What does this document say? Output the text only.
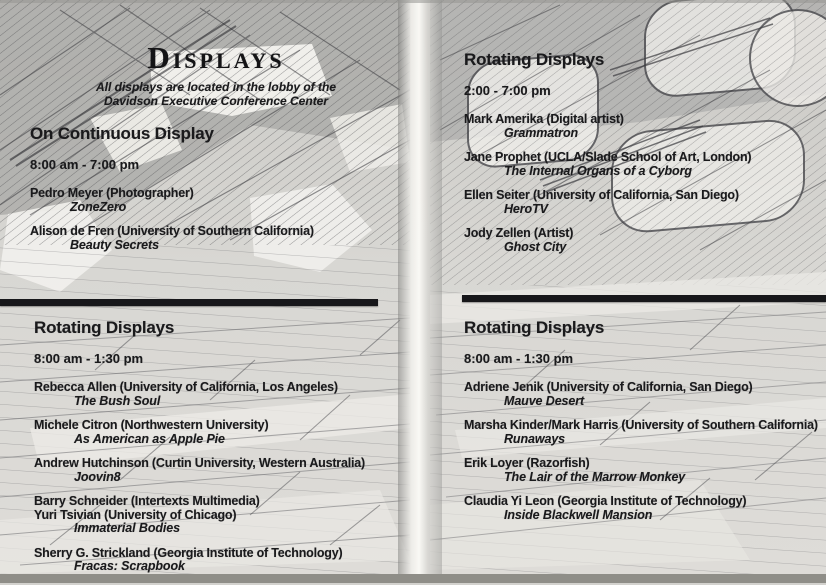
Displays
All displays are located in the lobby of the
Davidson Executive Conference Center
On Continuous Display
8:00 am - 7:00 pm
Pedro Meyer (Photographer)
ZoneZero
Alison de Fren (University of Southern California)
Beauty Secrets
Rotating Displays
8:00 am - 1:30 pm
Rebecca Allen (University of California, Los Angeles)
The Bush Soul
Michele Citron (Northwestern University)
As American as Apple Pie
Andrew Hutchinson (Curtin University, Western Australia)
Joovin8
Barry Schneider (Intertexts Multimedia)
Yuri Tsivian (University of Chicago)
Immaterial Bodies
Sherry G. Strickland (Georgia Institute of Technology)
Fracas: Scrapbook
Rotating Displays
2:00 - 7:00 pm
Mark Amerika (Digital artist)
Grammatron
Jane Prophet (UCLA/Slade School of Art, London)
The Internal Organs of a Cyborg
Ellen Seiter (University of California, San Diego)
HeroTV
Jody Zellen (Artist)
Ghost City
Rotating Displays
8:00 am - 1:30 pm
Adriene Jenik (University of California, San Diego)
Mauve Desert
Marsha Kinder/Mark Harris (University of Southern California)
Runaways
Erik Loyer (Razorfish)
The Lair of the Marrow Monkey
Claudia Yi Leon (Georgia Institute of Technology)
Inside Blackwell Mansion
